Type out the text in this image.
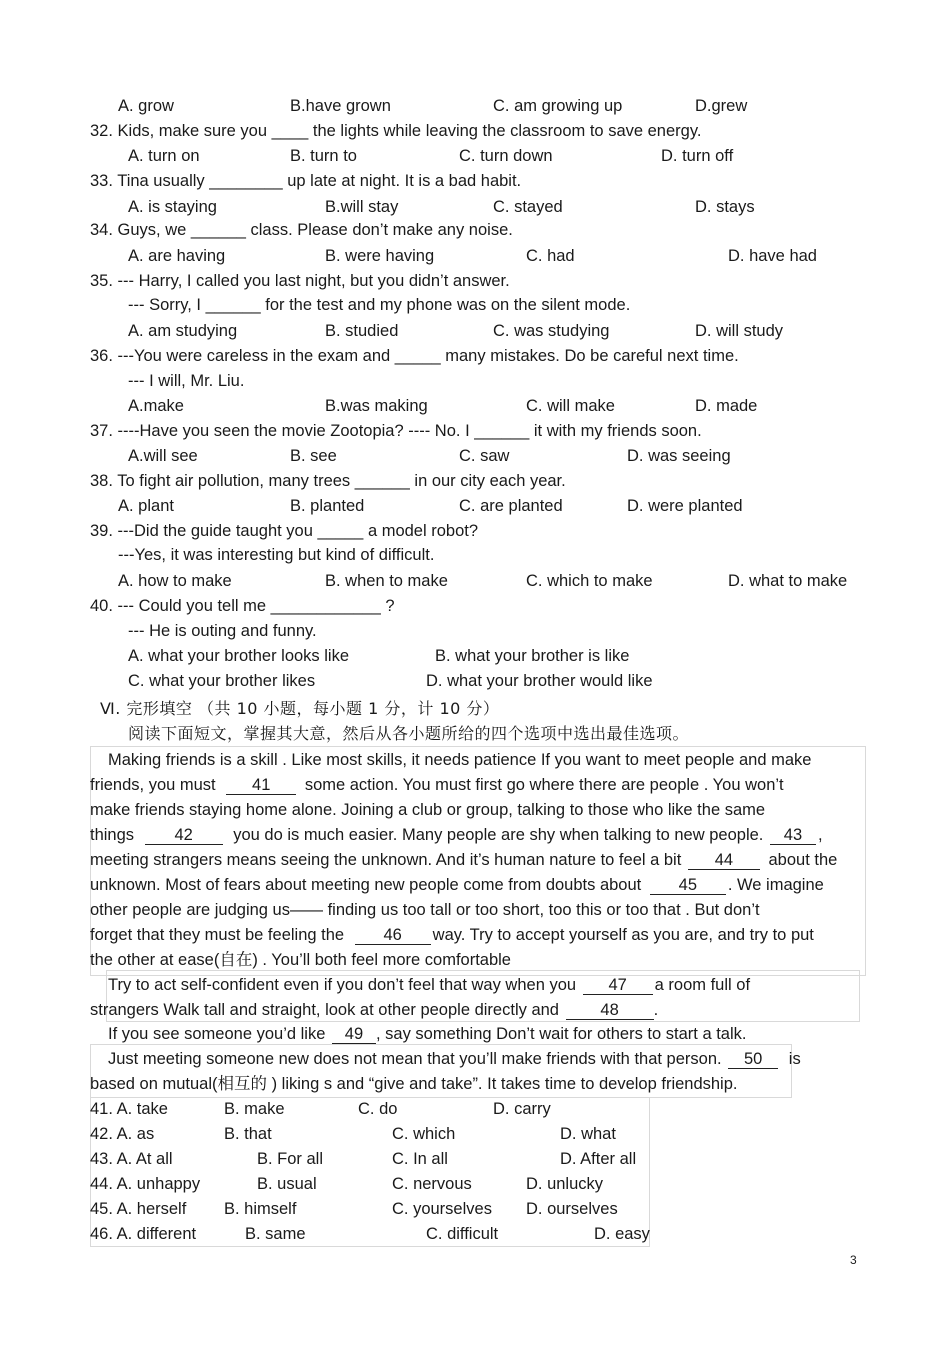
A. grow	B.have grown	C. am growing up	D.grew
32. Kids, make sure you ____ the lights while leaving the classroom to save energy.
A. turn on	B. turn to	C. turn down	D. turn off
33. Tina usually ________ up late at night. It is a bad habit.
A. is staying	B.will stay	C. stayed	D. stays
34. Guys, we ______ class. Please don’t make any noise.
A. are having	B. were having	C. had	D. have had
35. --- Harry, I called you last night, but you didn’t answer.
--- Sorry, I ______ for the test and my phone was on the silent mode.
A. am studying	B. studied	C. was studying	D. will study
36. ---You were careless in the exam and _____ many mistakes. Do be careful next time.
--- I will, Mr. Liu.
A.make	B.was making	C. will make	D. made
37. ----Have you seen the movie Zootopia? ---- No. I ______ it with my friends soon.
A.will see	B. see	C. saw	D. was seeing
38. To fight air pollution, many trees ______ in our city each year.
A. plant	B. planted	C. are planted	D. were planted
39. ---Did the guide taught you _____ a model robot?
---Yes, it was interesting but kind of difficult.
A. how to make	B. when to make	C. which to make	D. what to make
40. --- Could you tell me ____________ ?
--- He is outing and funny.
A. what your brother looks like	B. what your brother is like
C. what your brother likes	D. what your brother would like
Ⅵ. 完形填空 （共 10 小题，每小题 1 分，计 10 分）
阅读下面短文，掌握其大意，然后从各小题所给的四个选项中选出最佳选项。
Making friends is a skill . Like most skills, it needs patience If you want to meet people and make
friends, you must 41 some action. You must first go where there are people . You won’t
make friends staying home alone. Joining a club or group, talking to those who like the same
things 42 you do is much easier. Many people are shy when talking to new people. 43 ,
meeting strangers means seeing the unknown. And it’s human nature to feel a bit 44 about the
unknown. Most of fears about meeting new people come from doubts about 45 . We imagine
other people are judging us—— finding us too tall or too short, too this or too that . But don’t
forget that they must be feeling the 46 way. Try to accept yourself as you are, and try to put
the other at ease(自在) . You’ll both feel more comfortable
Try to act self-confident even if you don’t feel that way when you 47 a room full of
strangers Walk tall and straight, look at other people directly and	48 .
If you see someone you’d like 49 , say something Don’t wait for others to start a talk.
Just meeting someone new does not mean that you’ll make friends with that person. 50 is
based on mutual(相互的 ) liking s and “give and take”. It takes time to develop friendship.
41. A. take	B. make	C. do	D. carry
42. A. as	B. that	C. which	D. what
43. A. At all	B. For all	C. In all	D. After all
44. A. unhappy	B. usual	C. nervous	D. unlucky
45. A. herself B. himself	C. yourselves D. ourselves
46. A. different	B. same	C. difficult	D. easy
3
